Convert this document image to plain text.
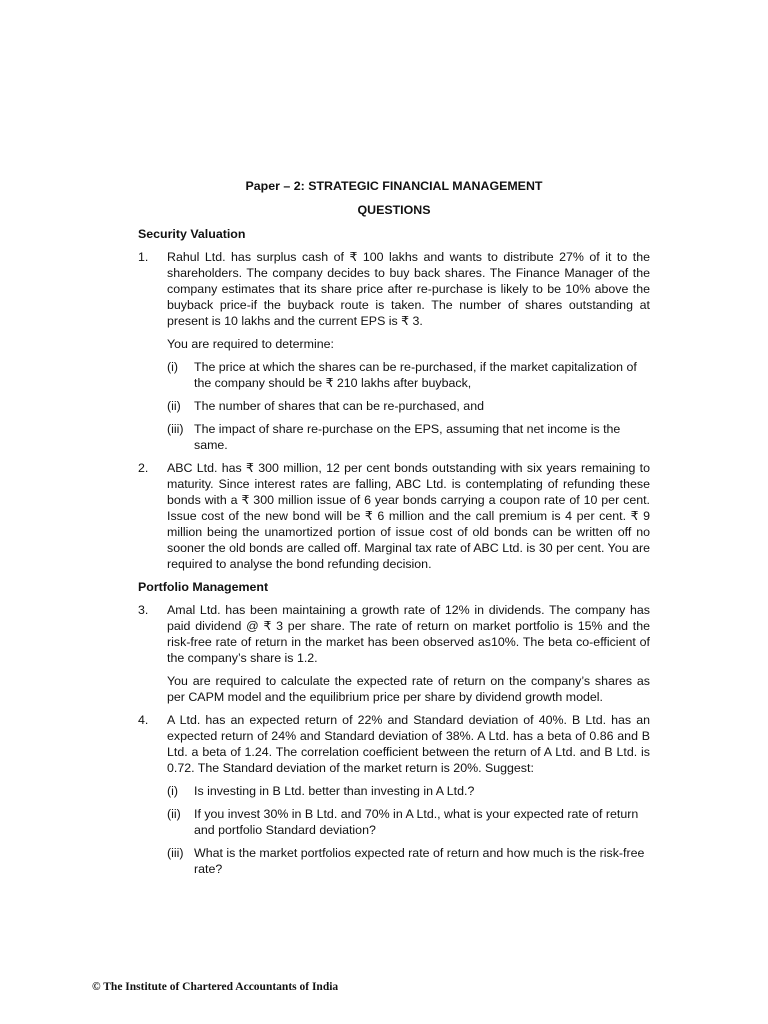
Paper – 2: STRATEGIC FINANCIAL MANAGEMENT
QUESTIONS
Security Valuation
1. Rahul Ltd. has surplus cash of ₹ 100 lakhs and wants to distribute 27% of it to the shareholders. The company decides to buy back shares. The Finance Manager of the company estimates that its share price after re-purchase is likely to be 10% above the buyback price-if the buyback route is taken. The number of shares outstanding at present is 10 lakhs and the current EPS is ₹ 3.

You are required to determine:

(i) The price at which the shares can be re-purchased, if the market capitalization of the company should be ₹ 210 lakhs after buyback,
(ii) The number of shares that can be re-purchased, and
(iii) The impact of share re-purchase on the EPS, assuming that net income is the same.
2. ABC Ltd. has ₹ 300 million, 12 per cent bonds outstanding with six years remaining to maturity. Since interest rates are falling, ABC Ltd. is contemplating of refunding these bonds with a ₹ 300 million issue of 6 year bonds carrying a coupon rate of 10 per cent. Issue cost of the new bond will be ₹ 6 million and the call premium is 4 per cent. ₹ 9 million being the unamortized portion of issue cost of old bonds can be written off no sooner the old bonds are called off. Marginal tax rate of ABC Ltd. is 30 per cent. You are required to analyse the bond refunding decision.

Portfolio Management
3. Amal Ltd. has been maintaining a growth rate of 12% in dividends. The company has paid dividend @ ₹ 3 per share. The rate of return on market portfolio is 15% and the risk-free rate of return in the market has been observed as10%. The beta co-efficient of the company’s share is 1.2.

You are required to calculate the expected rate of return on the company’s shares as per CAPM model and the equilibrium price per share by dividend growth model.

4. A Ltd. has an expected return of 22% and Standard deviation of 40%. B Ltd. has an expected return of 24% and Standard deviation of 38%. A Ltd. has a beta of 0.86 and B Ltd. a beta of 1.24. The correlation coefficient between the return of A Ltd. and B Ltd. is 0.72. The Standard deviation of the market return is 20%. Suggest:

(i) Is investing in B Ltd. better than investing in A Ltd.?
(ii) If you invest 30% in B Ltd. and 70% in A Ltd., what is your expected rate of return and portfolio Standard deviation?
(iii) What is the market portfolios expected rate of return and how much is the risk-free rate?
© The Institute of Chartered Accountants of India
